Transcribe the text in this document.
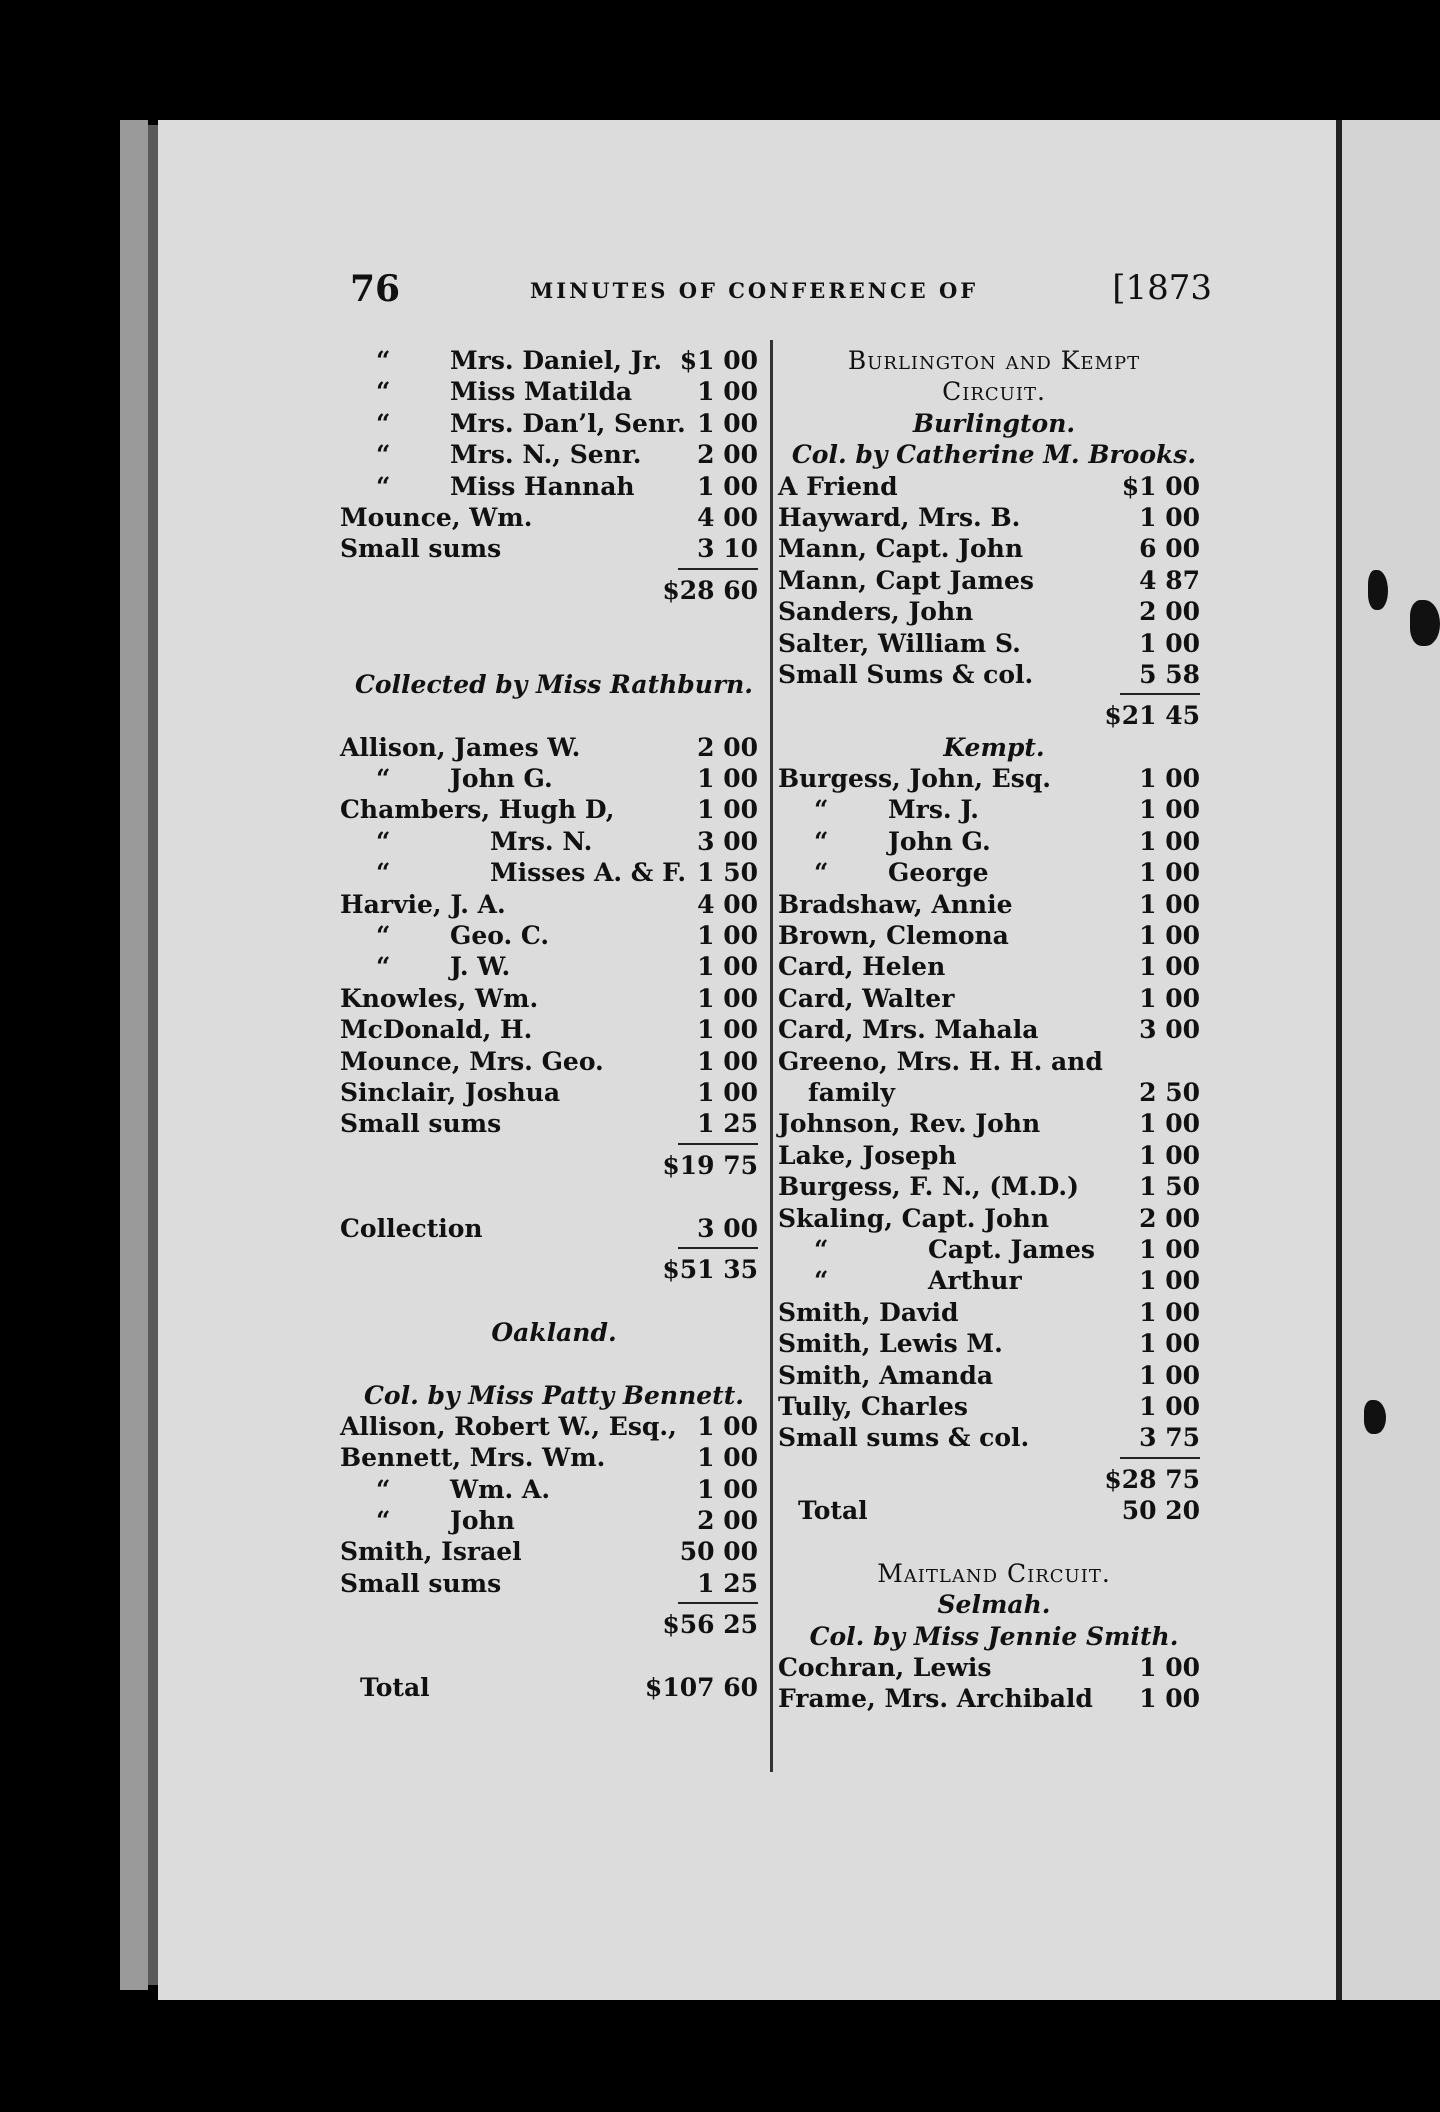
76	MINUTES OF CONFERENCE OF	[1873
“ Mrs. Daniel, Jr. $1 00
“ Miss Matilda	1 00
“ Mrs. Dan’l, Senr. 1 00
“ Mrs. N., Senr. 2 00
“ Miss Hannah	1 00
Mounce, Wm.	4 00
Small sums	3 10
$28 60
Collected by Miss Rathburn.
Allison, James W.	2 00
“ John G.	1 00
Chambers, Hugh D,	1 00
“	Mrs. N.	3 00
“	Misses A. & F. 1 50
Harvie, J. A.	4 00
“ Geo. C.	1 00
“ J. W.	1 00
Knowles, Wm.	1 00
McDonald, H.	1 00
Mounce, Mrs. Geo.	1 00
Sinclair, Joshua	1 00
Small sums	1 25
$19 75
Collection	3 00
$51 35
Oakland.
Col. by Miss Patty Bennett.
Allison, Robert W., Esq., 1 00
Bennett, Mrs. Wm.	1 00
“ Wm. A.	1 00
“ John	2 00
Smith, Israel	50 00
Small sums	1 25
$56 25
Total	$107 60
Burlington and Kempt
Circuit.
Burlington.
Col. by Catherine M. Brooks.
A Friend	$1 00
Hayward, Mrs. B.	1 00
Mann, Capt. John	6 00
Mann, Capt James	4 87
Sanders, John	2 00
Salter, William S.	1 00
Small Sums & col.	5 58
$21 45
Kempt.
Burgess, John, Esq.	1 00
“ Mrs. J.	1 00
“ John G.	1 00
“ George	1 00
Bradshaw, Annie	1 00
Brown, Clemona	1 00
Card, Helen	1 00
Card, Walter	1 00
Card, Mrs. Mahala	3 00
Greeno, Mrs. H. H. and
family	2 50
Johnson, Rev. John	1 00
Lake, Joseph	1 00
Burgess, F. N., (M.D.) 1 50
Skaling, Capt. John	2 00
“	Capt. James 1 00
“	Arthur	1 00
Smith, David	1 00
Smith, Lewis M.	1 00
Smith, Amanda	1 00
Tully, Charles	1 00
Small sums & col.	3 75
$28 75
Total	50 20
Maitland Circuit.
Selmah.
Col. by Miss Jennie Smith.
Cochran, Lewis	1 00
Frame, Mrs. Archibald 1 00
